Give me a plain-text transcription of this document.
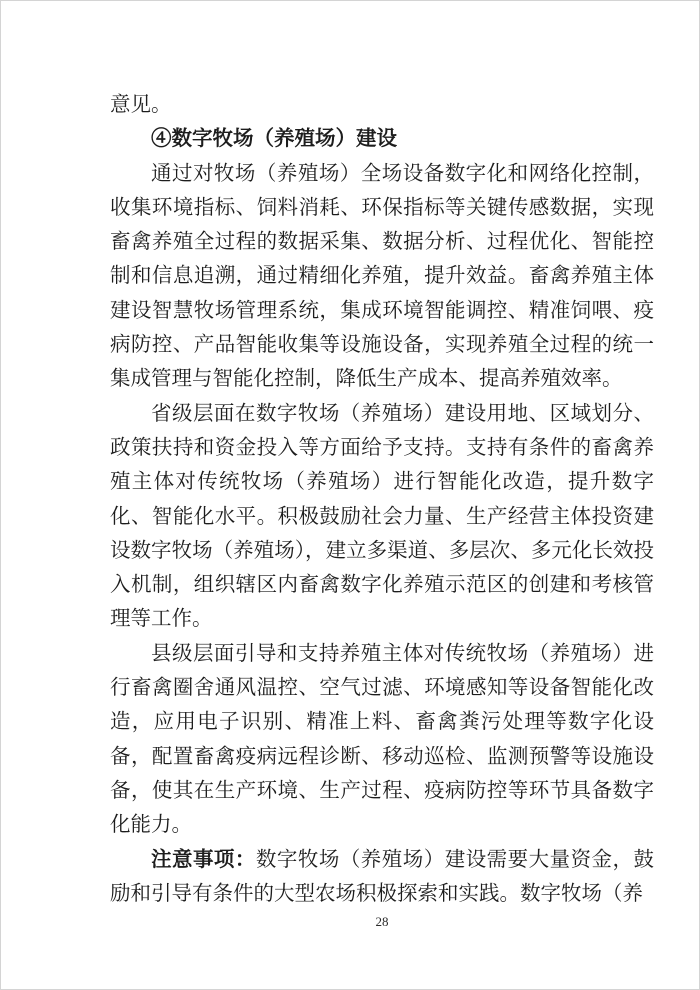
意见。

④数字牧场（养殖场）建设

通过对牧场（养殖场）全场设备数字化和网络化控制，收集环境指标、饲料消耗、环保指标等关键传感数据，实现畜禽养殖全过程的数据采集、数据分析、过程优化、智能控制和信息追溯，通过精细化养殖，提升效益。畜禽养殖主体建设智慧牧场管理系统，集成环境智能调控、精准饲喂、疫病防控、产品智能收集等设施设备，实现养殖全过程的统一集成管理与智能化控制，降低生产成本、提高养殖效率。

省级层面在数字牧场（养殖场）建设用地、区域划分、政策扶持和资金投入等方面给予支持。支持有条件的畜禽养殖主体对传统牧场（养殖场）进行智能化改造，提升数字化、智能化水平。积极鼓励社会力量、生产经营主体投资建设数字牧场（养殖场），建立多渠道、多层次、多元化长效投入机制，组织辖区内畜禽数字化养殖示范区的创建和考核管理等工作。

县级层面引导和支持养殖主体对传统牧场（养殖场）进行畜禽圈舍通风温控、空气过滤、环境感知等设备智能化改造，应用电子识别、精准上料、畜禽粪污处理等数字化设备，配置畜禽疫病远程诊断、移动巡检、监测预警等设施设备，使其在生产环境、生产过程、疫病防控等环节具备数字化能力。

注意事项：数字牧场（养殖场）建设需要大量资金，鼓励和引导有条件的大型农场积极探索和实践。数字牧场（养

28
